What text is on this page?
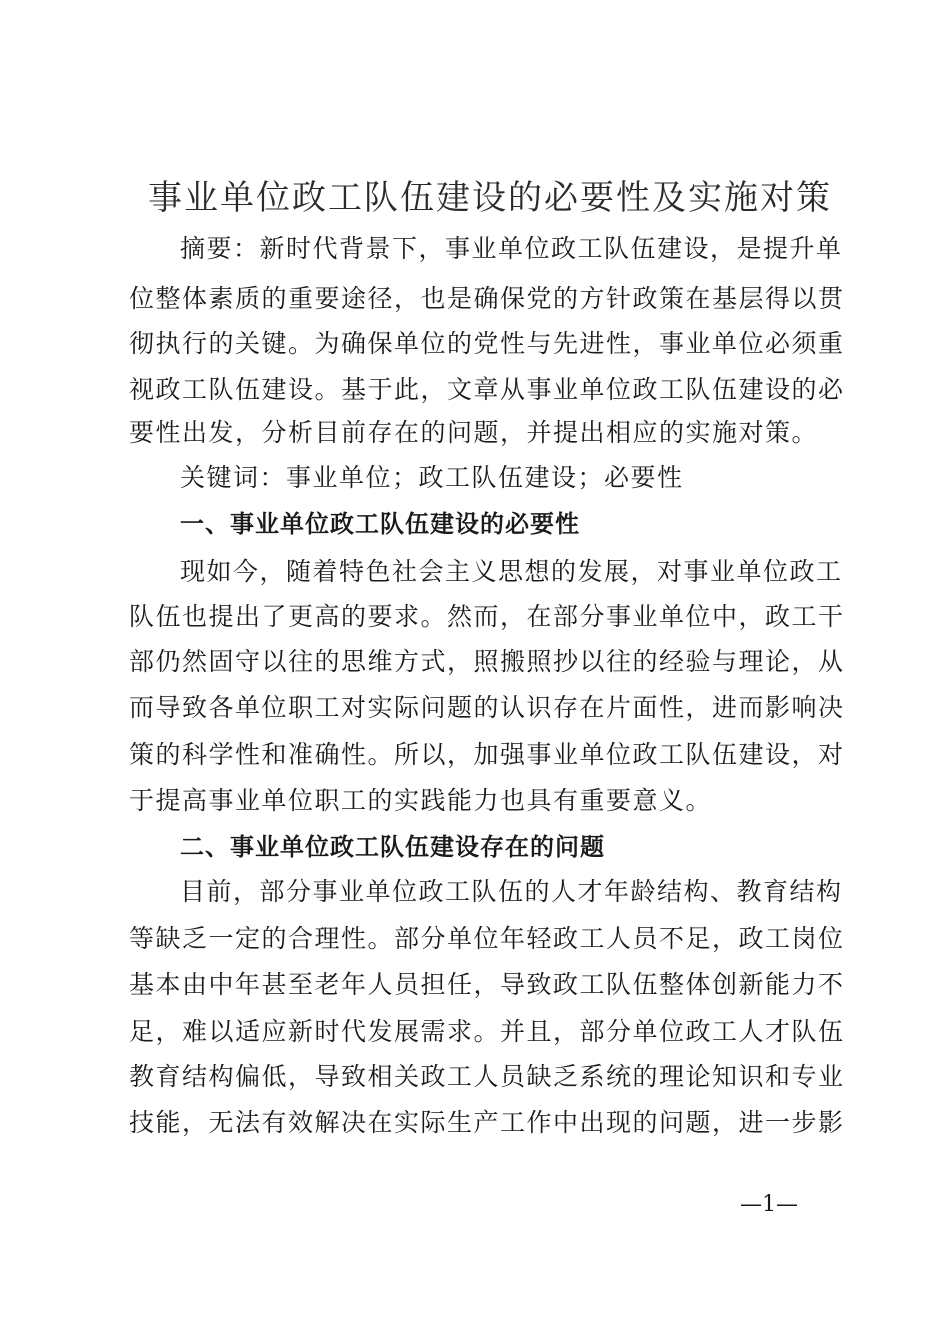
事业单位政工队伍建设的必要性及实施对策
摘要：新时代背景下，事业单位政工队伍建设，是提升单
位整体素质的重要途径，也是确保党的方针政策在基层得以贯
彻执行的关键。为确保单位的党性与先进性，事业单位必须重
视政工队伍建设。基于此，文章从事业单位政工队伍建设的必
要性出发，分析目前存在的问题，并提出相应的实施对策。
关键词：事业单位；政工队伍建设；必要性
一、事业单位政工队伍建设的必要性
现如今，随着特色社会主义思想的发展，对事业单位政工
队伍也提出了更高的要求。然而，在部分事业单位中，政工干
部仍然固守以往的思维方式，照搬照抄以往的经验与理论，从
而导致各单位职工对实际问题的认识存在片面性，进而影响决
策的科学性和准确性。所以，加强事业单位政工队伍建设，对
于提高事业单位职工的实践能力也具有重要意义。
二、事业单位政工队伍建设存在的问题
目前，部分事业单位政工队伍的人才年龄结构、教育结构
等缺乏一定的合理性。部分单位年轻政工人员不足，政工岗位
基本由中年甚至老年人员担任，导致政工队伍整体创新能力不
足，难以适应新时代发展需求。并且，部分单位政工人才队伍
教育结构偏低，导致相关政工人员缺乏系统的理论知识和专业
技能，无法有效解决在实际生产工作中出现的问题，进一步影
—1—
